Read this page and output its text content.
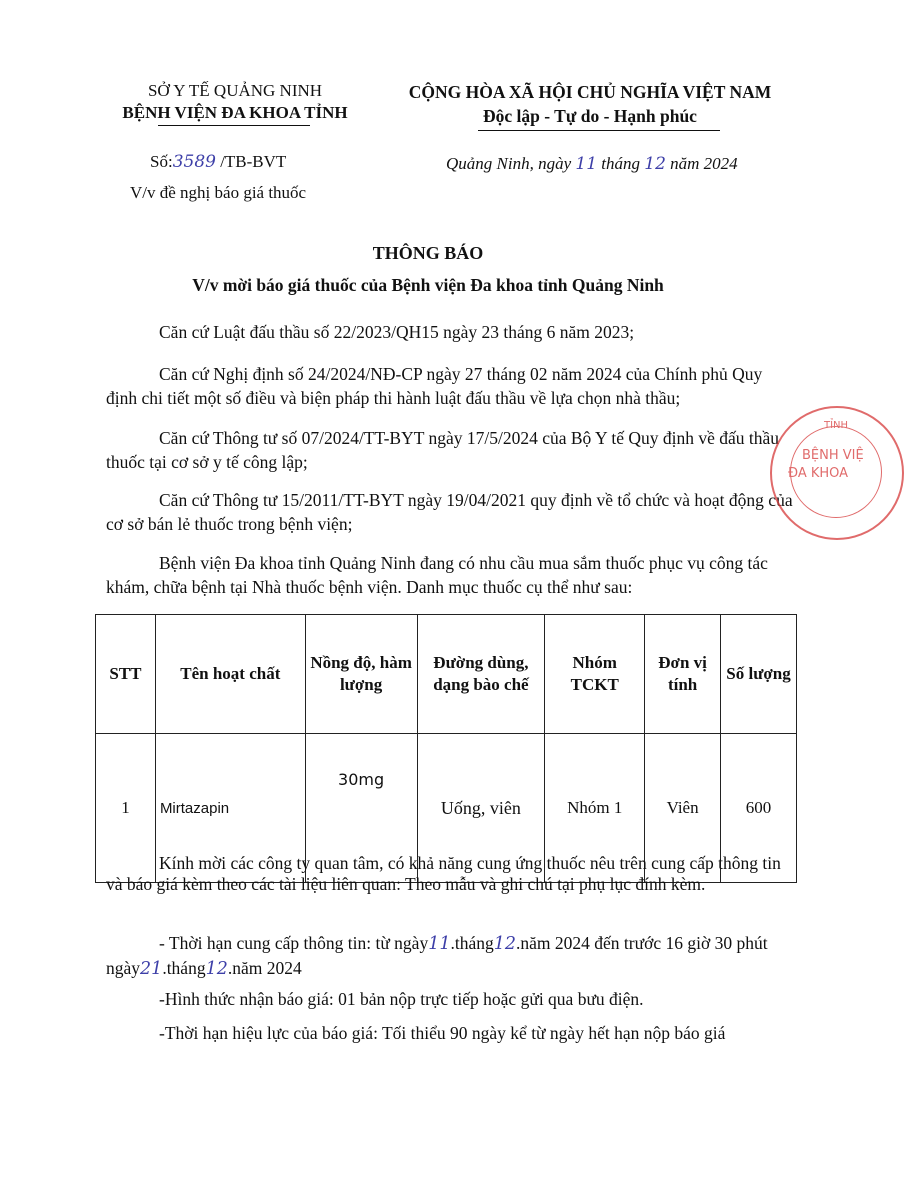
SỞ Y TẾ QUẢNG NINH
BỆNH VIỆN ĐA KHOA TỈNH
CỘNG HÒA XÃ HỘI CHỦ NGHĨA VIỆT NAM
Độc lập - Tự do - Hạnh phúc
Số:3589 /TB-BVT
V/v đề nghị báo giá thuốc
Quảng Ninh, ngày 11 tháng 12 năm 2024
THÔNG BÁO
V/v mời báo giá thuốc của Bệnh viện Đa khoa tỉnh Quảng Ninh
Căn cứ Luật đấu thầu số 22/2023/QH15 ngày 23 tháng 6 năm 2023;
Căn cứ Nghị định số 24/2024/NĐ-CP ngày 27 tháng 02 năm 2024 của Chính phủ Quy định chi tiết một số điều và biện pháp thi hành luật đấu thầu về lựa chọn nhà thầu;
Căn cứ Thông tư số 07/2024/TT-BYT ngày 17/5/2024 của Bộ Y tế Quy định về đấu thầu thuốc tại cơ sở y tế công lập;
Căn cứ Thông tư 15/2011/TT-BYT ngày 19/04/2021 quy định về tổ chức và hoạt động của cơ sở bán lẻ thuốc trong bệnh viện;
Bệnh viện Đa khoa tỉnh Quảng Ninh đang có nhu cầu mua sắm thuốc phục vụ công tác khám, chữa bệnh tại Nhà thuốc bệnh viện. Danh mục thuốc cụ thể như sau:
STT	Tên hoạt chất	Nồng độ, hàm lượng	Đường dùng, dạng bào chế	Nhóm TCKT	Đơn vị tính	Số lượng
1	Mirtazapin	30mg	Uống, viên	Nhóm 1	Viên	600
Kính mời các công ty quan tâm, có khả năng cung ứng thuốc nêu trên cung cấp thông tin và báo giá kèm theo các tài liệu liên quan: Theo mẫu và ghi chú tại phụ lục đính kèm.
- Thời hạn cung cấp thông tin: từ ngày11.tháng12.năm 2024 đến trước 16 giờ 30 phút ngày21.tháng12.năm 2024
-Hình thức nhận báo giá: 01 bản nộp trực tiếp hoặc gửi qua bưu điện.
-Thời hạn hiệu lực của báo giá: Tối thiểu 90 ngày kể từ ngày hết hạn nộp báo giá
TỈNH
BỆNH VIỆ
ĐA KHOA
